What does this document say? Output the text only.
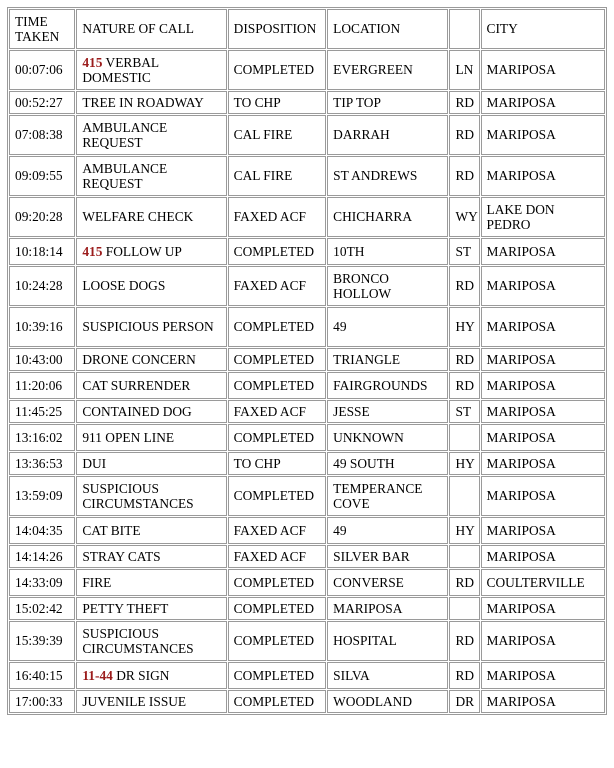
TIME TAKEN	NATURE OF CALL	DISPOSITION	LOCATION		CITY
00:07:06	415 VERBAL DOMESTIC	COMPLETED	EVERGREEN	LN	MARIPOSA
00:52:27	TREE IN ROADWAY	TO CHP	TIP TOP	RD	MARIPOSA
07:08:38	AMBULANCE REQUEST	CAL FIRE	DARRAH	RD	MARIPOSA
09:09:55	AMBULANCE REQUEST	CAL FIRE	ST ANDREWS	RD	MARIPOSA
09:20:28	WELFARE CHECK	FAXED ACF	CHICHARRA	WY	LAKE DON PEDRO
10:18:14	415 FOLLOW UP	COMPLETED	10TH	ST	MARIPOSA
10:24:28	LOOSE DOGS	FAXED ACF	BRONCO HOLLOW	RD	MARIPOSA
10:39:16	SUSPICIOUS PERSON	COMPLETED	49	HY	MARIPOSA
10:43:00	DRONE CONCERN	COMPLETED	TRIANGLE	RD	MARIPOSA
11:20:06	CAT SURRENDER	COMPLETED	FAIRGROUNDS	RD	MARIPOSA
11:45:25	CONTAINED DOG	FAXED ACF	JESSE	ST	MARIPOSA
13:16:02	911 OPEN LINE	COMPLETED	UNKNOWN		MARIPOSA
13:36:53	DUI	TO CHP	49 SOUTH	HY	MARIPOSA
13:59:09	SUSPICIOUS CIRCUMSTANCES	COMPLETED	TEMPERANCE COVE		MARIPOSA
14:04:35	CAT BITE	FAXED ACF	49	HY	MARIPOSA
14:14:26	STRAY CATS	FAXED ACF	SILVER BAR		MARIPOSA
14:33:09	FIRE	COMPLETED	CONVERSE	RD	COULTERVILLE
15:02:42	PETTY THEFT	COMPLETED	MARIPOSA		MARIPOSA
15:39:39	SUSPICIOUS CIRCUMSTANCES	COMPLETED	HOSPITAL	RD	MARIPOSA
16:40:15	11-44 DR SIGN	COMPLETED	SILVA	RD	MARIPOSA
17:00:33	JUVENILE ISSUE	COMPLETED	WOODLAND	DR	MARIPOSA
